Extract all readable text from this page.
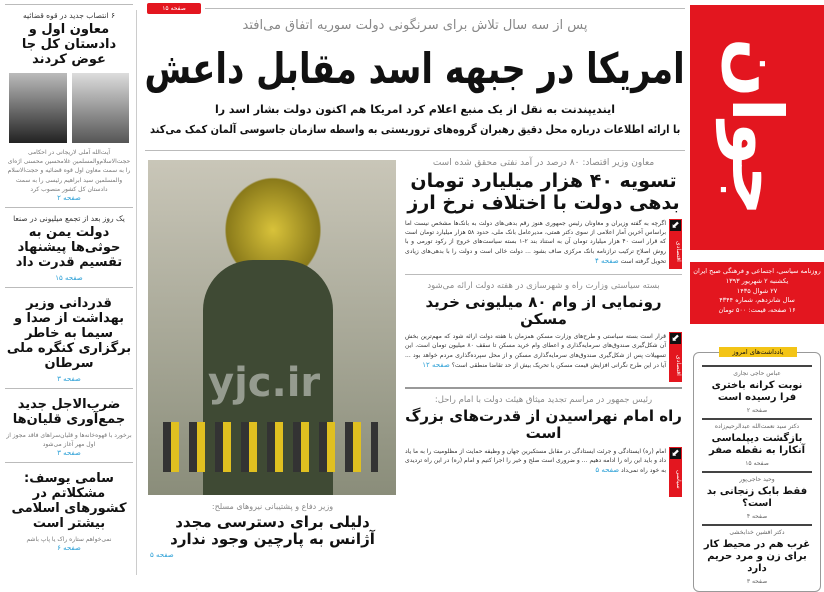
جوان
روزنامه سیاسی، اجتماعی و فرهنگی صبح ایران
یکشنبه ۲ شهریور ۱۳۹۳
۲۷ شوال ۱۴۳۵
سال شانزدهم، شماره ۴۳۴۴
۱۶ صفحه، قیمت: ۵۰۰ تومان
یادداشت‌های امروز
عباس حاجی نجاری
نوبت کرانه باختری فرا رسیده است
صفحه ۲
دکتر سید نعمت‌الله عبدالرحیم‌زاده
بازگشت دیپلماسی آنکارا به نقطه صفر
صفحه ۱۵
وحید حاجی‌پور
فقط بابک زنجانی بد است؟
صفحه ۴
دکتر افشین خدابخشی
غرب هم در محیط کار برای زن و مرد حریم دارد
صفحه ۳
صفحه ۱۵
پس از سه سال تلاش برای سرنگونی دولت سوریه اتفاق می‌افتد
امریکا در جبهه اسد مقابل داعش
ایندیپندنت به نقل از یک منبع اعلام کرد امریکا هم اکنون دولت بشار اسد را
با ارائه اطلاعات درباره محل دقیق رهبران گروه‌های تروریستی به واسطه سازمان جاسوسی آلمان کمک می‌کند
۶ انتصاب جدید در قوه قضائیه
معاون اول و دادستان کل جا عوض کردند
آیت‌الله آملی لاریجانی در احکامی حجت‌الاسلام‌والمسلمین غلامحسین محسنی اژه‌ای را به سمت معاون اول قوه قضائیه و حجت‌الاسلام والمسلمین سید ابراهیم رئیسی را به سمت دادستان کل کشور منصوب کرد
صفحه ۲
یک روز بعد از تجمع میلیونی در صنعا
دولت یمن به حوثی‌ها پیشنهاد تقسیم قدرت داد
صفحه ۱۵
قدردانی وزیر بهداشت از صدا و سیما به خاطر برگزاری کنگره ملی سرطان
صفحه ۳
ضرب‌الاجل جدید جمع‌آوری قلیان‌ها
برخورد با قهوه‌خانه‌ها و قلیان‌سراهای فاقد مجوز از اول مهر آغاز می‌شود
صفحه ۳
سامی یوسف: مشکلاتم در کشورهای اسلامی بیشتر است
نمی‌خواهم ستاره راک یا پاپ باشم
صفحه ۶
yjc.ir
وزیر دفاع و پشتیبانی نیروهای مسلح:
دلیلی برای دسترسی مجدد آژانس به پارچین وجود ندارد
صفحه ۵
معاون وزیر اقتصاد: ۸۰ درصد در آمد نفتی محقق شده است
تسویه ۴۰ هزار میلیارد تومان بدهی دولت با اختلاف نرخ ارز
⬋ اقتصادی
اگرچه به گفته وزیران و معاونان رئیس جمهوری هنوز رقم بدهی‌های دولت به بانک‌ها مشخص نیست اما براساس آخرین آمار اعلامی از سوی دکتر همتی، مدیرعامل بانک ملی، حدود ۵۸ هزار میلیارد تومان است که قرار است ۴۰ هزار میلیارد تومان آن به استناد بند ۲-۱ بسته سیاست‌های خروج از رکود تورمی و با روش اصلاح ترکیب ترازنامه بانک مرکزی صاف بشود ... دولت خالی است و دولت را با بدهی‌های زیادی تحویل گرفته است صفحه ۴
بسته سیاستی وزارت راه و شهرسازی در هفته دولت ارائه می‌شود
رونمایی از وام ۸۰ میلیونی خرید مسکن
⬋ اقتصادی
قرار است بسته سیاستی و طرح‌های وزارت مسکن همزمان با هفته دولت ارائه شود که مهم‌ترین بخش آن شکل‌گیری صندوق‌های سرمایه‌گذاری و اعطای وام خرید مسکن تا سقف ۸۰ میلیون تومان است. این تسهیلات پس از شکل‌گیری صندوق‌های سرمایه‌گذاری مسکن و از محل سپرده‌گذاری مردم خواهد بود ... آیا در این طرح نگرانی افزایش قیمت مسکن با تحریک بیش از حد تقاضا منطقی است؟ صفحه ۱۲
رئیس جمهور در مراسم تجدید میثاق هیئت دولت با امام راحل:
راه امام نهراسیدن از قدرت‌های بزرگ است
⬋ سیاسی
امام (ره) ایستادگی و جرئت ایستادگی در مقابل مستکبرین جهان و وظیفه حمایت از مظلومیت را به ما یاد داد و باید این راه را ادامه دهیم ... و ضروری است صلح و خیر را اجرا کنیم و امام (ره) در این راه تردیدی به خود راه نمی‌داد صفحه ۵
